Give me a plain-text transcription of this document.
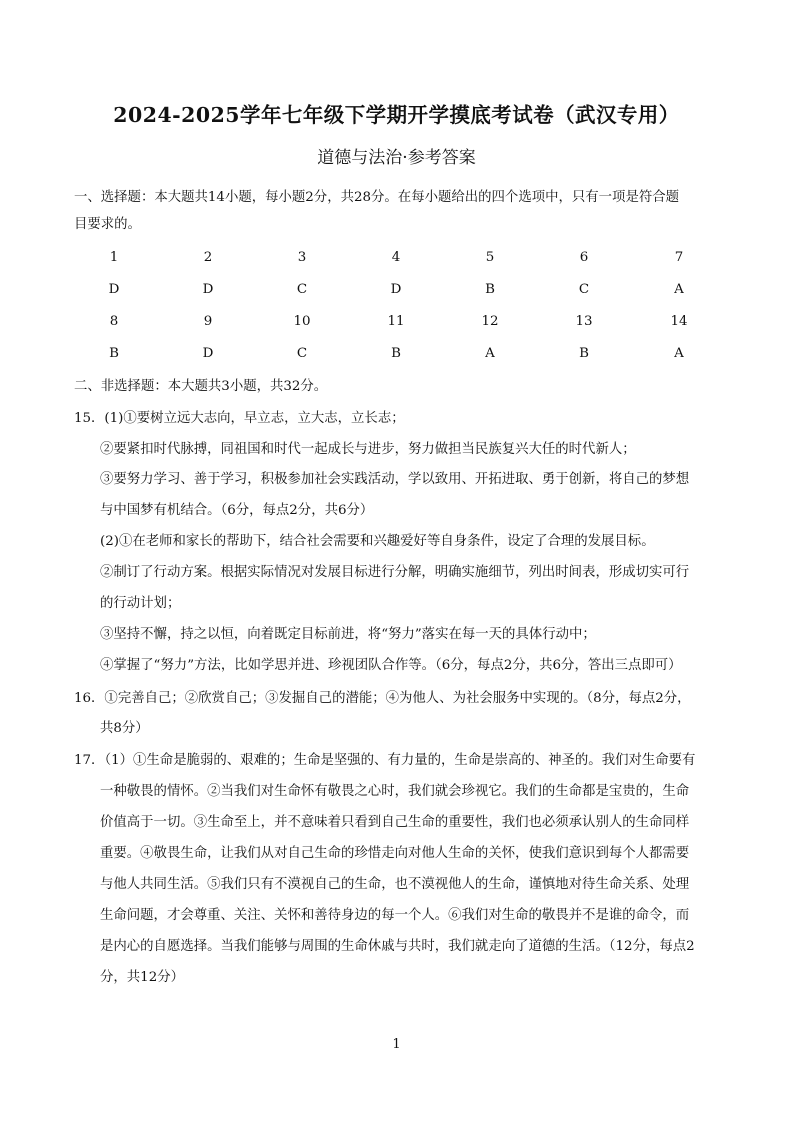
2024-2025学年七年级下学期开学摸底考试卷（武汉专用）
道德与法治·参考答案
一、选择题：本大题共14小题，每小题2分，共28分。在每小题给出的四个选项中，只有一项是符合题
目要求的。
1	2	3	4	5	6	7
D	D	C	D	B	C	A
8	9	10	11	12	13	14
B	D	C	B	A	B	A
二、非选择题：本大题共3小题，共32分。
15．(1)①要树立远大志向，早立志，立大志，立长志；
②要紧扣时代脉搏，同祖国和时代一起成长与进步，努力做担当民族复兴大任的时代新人；
③要努力学习、善于学习，积极参加社会实践活动，学以致用、开拓进取、勇于创新，将自己的梦想
与中国梦有机结合。（6分，每点2分，共6分）
(2)①在老师和家长的帮助下，结合社会需要和兴趣爱好等自身条件，设定了合理的发展目标。
②制订了行动方案。根据实际情况对发展目标进行分解，明确实施细节，列出时间表，形成切实可行
的行动计划；
③坚持不懈，持之以恒，向着既定目标前进，将“努力”落实在每一天的具体行动中；
④掌握了“努力”方法，比如学思并进、珍视团队合作等。（6分，每点2分，共6分，答出三点即可）
16．①完善自己；②欣赏自己；③发掘自己的潜能；④为他人、为社会服务中实现的。（8分，每点2分，
共8分）
17．（1）①生命是脆弱的、艰难的；生命是坚强的、有力量的，生命是崇高的、神圣的。我们对生命要有
一种敬畏的情怀。②当我们对生命怀有敬畏之心时，我们就会珍视它。我们的生命都是宝贵的，生命
价值高于一切。③生命至上，并不意味着只看到自己生命的重要性，我们也必须承认别人的生命同样
重要。④敬畏生命，让我们从对自己生命的珍惜走向对他人生命的关怀，使我们意识到每个人都需要
与他人共同生活。⑤我们只有不漠视自己的生命，也不漠视他人的生命，谨慎地对待生命关系、处理
生命问题，才会尊重、关注、关怀和善待身边的每一个人。⑥我们对生命的敬畏并不是谁的命令，而
是内心的自愿选择。当我们能够与周围的生命休戚与共时，我们就走向了道德的生活。（12分，每点2
分，共12分）
1
